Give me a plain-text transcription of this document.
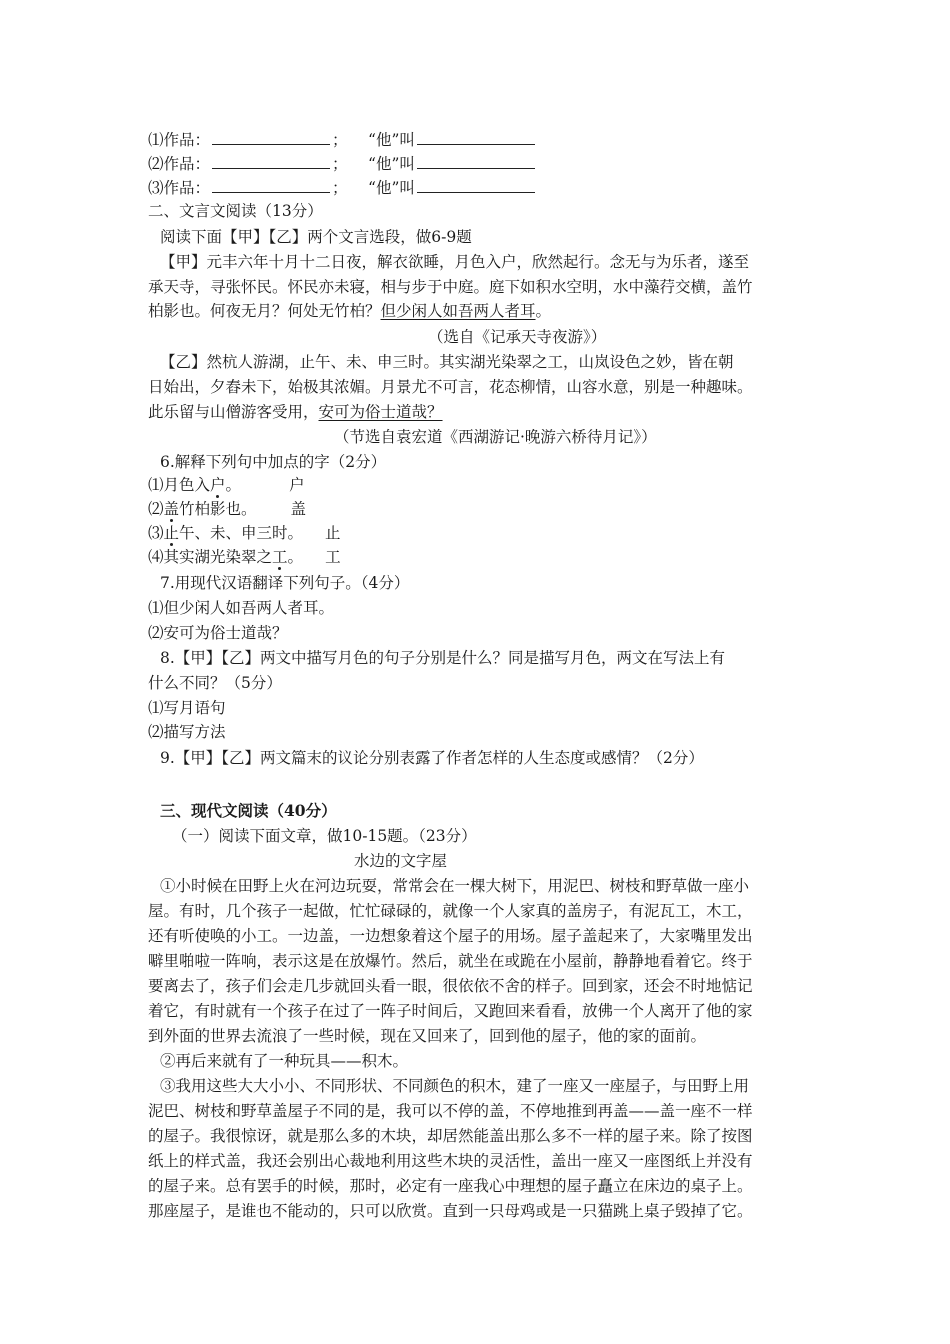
⑴作品：	； “他”叫
⑵作品：	； “他”叫
⑶作品：	； “他”叫
二、文言文阅读（13分）
阅读下面【甲】【乙】两个文言选段，做6-9题
【甲】元丰六年十月十二日夜，解衣欲睡，月色入户，欣然起行。念无与为乐者，遂至
承天寺，寻张怀民。怀民亦未寝，相与步于中庭。庭下如积水空明，水中藻荇交横，盖竹
柏影也。何夜无月？何处无竹柏？但少闲人如吾两人者耳。
（选自《记承天寺夜游》）
【乙】然杭人游湖，止午、未、申三时。其实湖光染翠之工，山岚设色之妙，皆在朝
日始出，夕舂未下，始极其浓媚。月景尤不可言，花态柳情，山容水意，别是一种趣味。
此乐留与山僧游客受用，安可为俗士道哉？
（节选自袁宏道《西湖游记·晚游六桥待月记》）
6.解释下列句中加点的字（2分）
⑴月色入户。	户
⑵盖竹柏影也。 盖
⑶止午、未、申三时。 止
⑷其实湖光染翠之工。 工
7.用现代汉语翻译下列句子。（4分）
⑴但少闲人如吾两人者耳。
⑵安可为俗士道哉？
8.【甲】【乙】两文中描写月色的句子分别是什么？同是描写月色，两文在写法上有
什么不同？（5分）
⑴写月语句
⑵描写方法
9.【甲】【乙】两文篇末的议论分别表露了作者怎样的人生态度或感情？（2分）
三、现代文阅读（40分）
（一）阅读下面文章，做10-15题。（23分）
水边的文字屋
①小时候在田野上火在河边玩耍，常常会在一棵大树下，用泥巴、树枝和野草做一座小
屋。有时，几个孩子一起做，忙忙碌碌的，就像一个人家真的盖房子，有泥瓦工，木工，
还有听使唤的小工。一边盖，一边想象着这个屋子的用场。屋子盖起来了，大家嘴里发出
噼里啪啦一阵响，表示这是在放爆竹。然后，就坐在或跪在小屋前，静静地看着它。终于
要离去了，孩子们会走几步就回头看一眼，很依依不舍的样子。回到家，还会不时地惦记
着它，有时就有一个孩子在过了一阵子时间后，又跑回来看看，放佛一个人离开了他的家
到外面的世界去流浪了一些时候，现在又回来了，回到他的屋子，他的家的面前。
②再后来就有了一种玩具——积木。
③我用这些大大小小、不同形状、不同颜色的积木，建了一座又一座屋子，与田野上用
泥巴、树枝和野草盖屋子不同的是，我可以不停的盖，不停地推到再盖——盖一座不一样
的屋子。我很惊讶，就是那么多的木块，却居然能盖出那么多不一样的屋子来。除了按图
纸上的样式盖，我还会别出心裁地利用这些木块的灵活性，盖出一座又一座图纸上并没有
的屋子来。总有罢手的时候，那时，必定有一座我心中理想的屋子矗立在床边的桌子上。
那座屋子，是谁也不能动的，只可以欣赏。直到一只母鸡或是一只猫跳上桌子毁掉了它。
